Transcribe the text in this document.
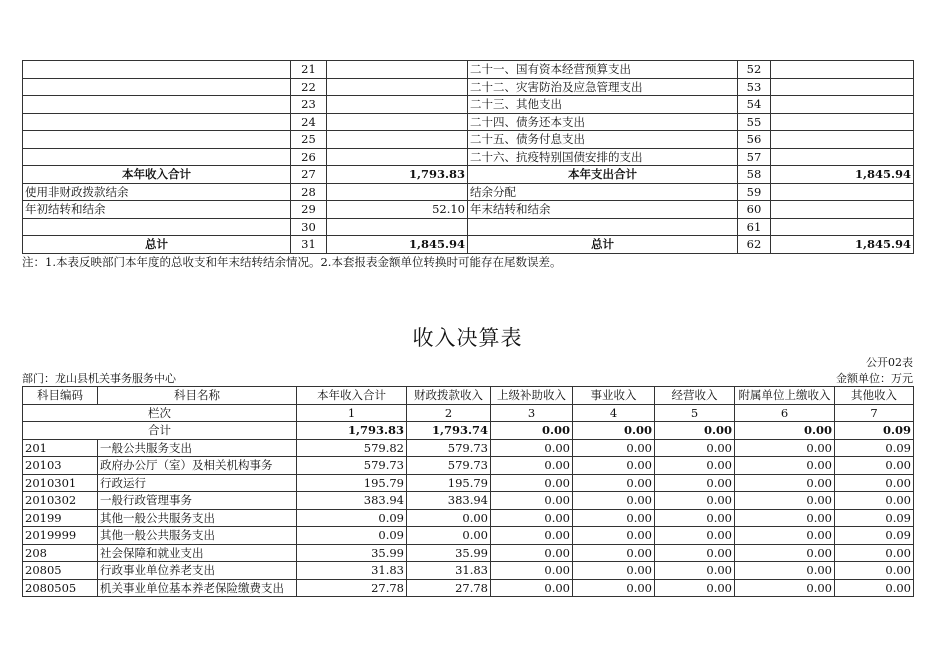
	21		二十一、国有资本经营预算支出	52	
	22		二十二、灾害防治及应急管理支出	53	
	23		二十三、其他支出	54	
	24		二十四、债务还本支出	55	
	25		二十五、债务付息支出	56	
	26		二十六、抗疫特别国债安排的支出	57	
本年收入合计	27	1,793.83	本年支出合计	58	1,845.94
使用非财政拨款结余	28		结余分配	59	
年初结转和结余	29	52.10	年末结转和结余	60	
	30			61	
总计	31	1,845.94	总计	62	1,845.94
注：1.本表反映部门本年度的总收支和年末结转结余情况。2.本套报表金额单位转换时可能存在尾数误差。
收入决算表
公开02表
部门：龙山县机关事务服务中心	金额单位：万元
科目编码	科目名称	本年收入合计	财政拨款收入	上级补助收入	事业收入	经营收入	附属单位上缴收入	其他收入
栏次		1	2	3	4	5	6	7
合计		1,793.83	1,793.74	0.00	0.00	0.00	0.00	0.09
201	一般公共服务支出	579.82	579.73	0.00	0.00	0.00	0.00	0.09
20103	政府办公厅（室）及相关机构事务	579.73	579.73	0.00	0.00	0.00	0.00	0.00
2010301	行政运行	195.79	195.79	0.00	0.00	0.00	0.00	0.00
2010302	一般行政管理事务	383.94	383.94	0.00	0.00	0.00	0.00	0.00
20199	其他一般公共服务支出	0.09	0.00	0.00	0.00	0.00	0.00	0.09
2019999	其他一般公共服务支出	0.09	0.00	0.00	0.00	0.00	0.00	0.09
208	社会保障和就业支出	35.99	35.99	0.00	0.00	0.00	0.00	0.00
20805	行政事业单位养老支出	31.83	31.83	0.00	0.00	0.00	0.00	0.00
2080505	机关事业单位基本养老保险缴费支出	27.78	27.78	0.00	0.00	0.00	0.00	0.00
